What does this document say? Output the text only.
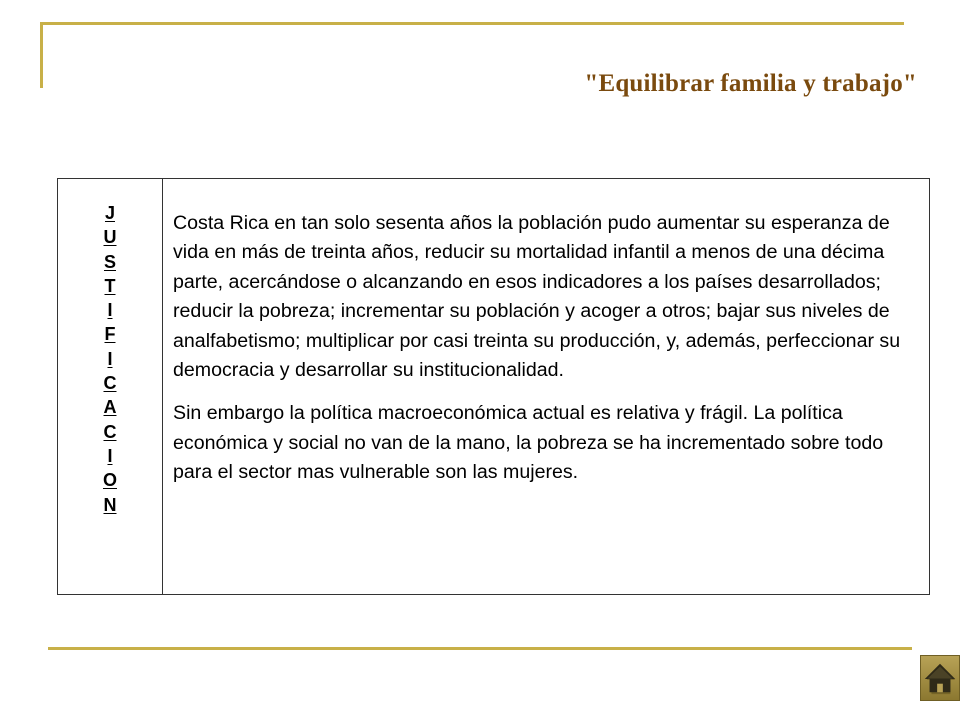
"Equilibrar familia y trabajo"
J
U
S
T
I
F
I
C
A
C
I
O
N

Costa Rica en tan solo sesenta años la población pudo aumentar su esperanza de vida en más de treinta años, reducir su mortalidad infantil a menos de una décima parte, acercándose o alcanzando en esos indicadores a los países desarrollados; reducir la pobreza; incrementar su población y acoger a otros; bajar sus niveles de analfabetismo; multiplicar por casi treinta su producción, y, además, perfeccionar su democracia y desarrollar su institucionalidad.

Sin embargo la política macroeconómica actual es relativa y frágil. La política económica y social no van de la mano, la pobreza se ha incrementado sobre todo para el sector mas vulnerable son las mujeres.
